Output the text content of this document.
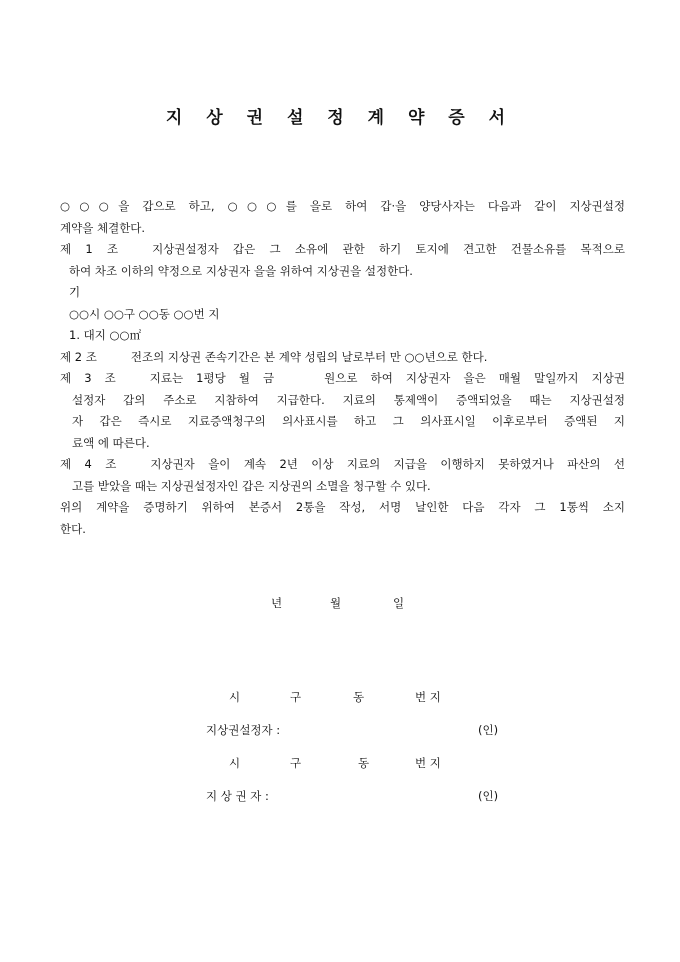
지 상 권 설 정 계 약 증 서
○○○을 갑으로 하고, ○○○를 을로 하여 갑·을 양당사자는 다음과 같이 지상권설정
계약을 체결한다.
제 1 조	지상권설정자 갑은 그 소유에 관한 하기 토지에 견고한 건물소유를 목적으로
하여 차조 이하의 약정으로 지상권자 을을 위하여 지상권을 설정한다.
기
○○시 ○○구 ○○동 ○○번 지
1. 대지 ○○㎡
제 2 조	전조의 지상권 존속기간은 본 계약 성립의 날로부터 만 ○○년으로 한다.
제 3 조	지료는 1평당 월 금	원으로 하여 지상권자 을은 매월 말일까지 지상권
설정자 갑의 주소로 지참하여 지급한다. 지료의 통제액이 증액되었을 때는 지상권설정
자 갑은 즉시로 지료증액청구의 의사표시를 하고 그 의사표시일 이후로부터 증액된 지
료액 에 따른다.
제 4 조	지상권자 을이 계속 2년 이상 지료의 지급을 이행하지 못하였거나 파산의 선
고를 받았을 때는 지상권설정자인 갑은 지상권의 소멸을 청구할 수 있다.
위의 계약을 증명하기 위하여 본증서 2통을 작성, 서명 날인한 다음 각자 그 1통씩 소지
한다.
년	월	일
시	구	동	번 지
지상권설정자 :	(인)
시	구	동	번 지
지 상 권 자 :	(인)
